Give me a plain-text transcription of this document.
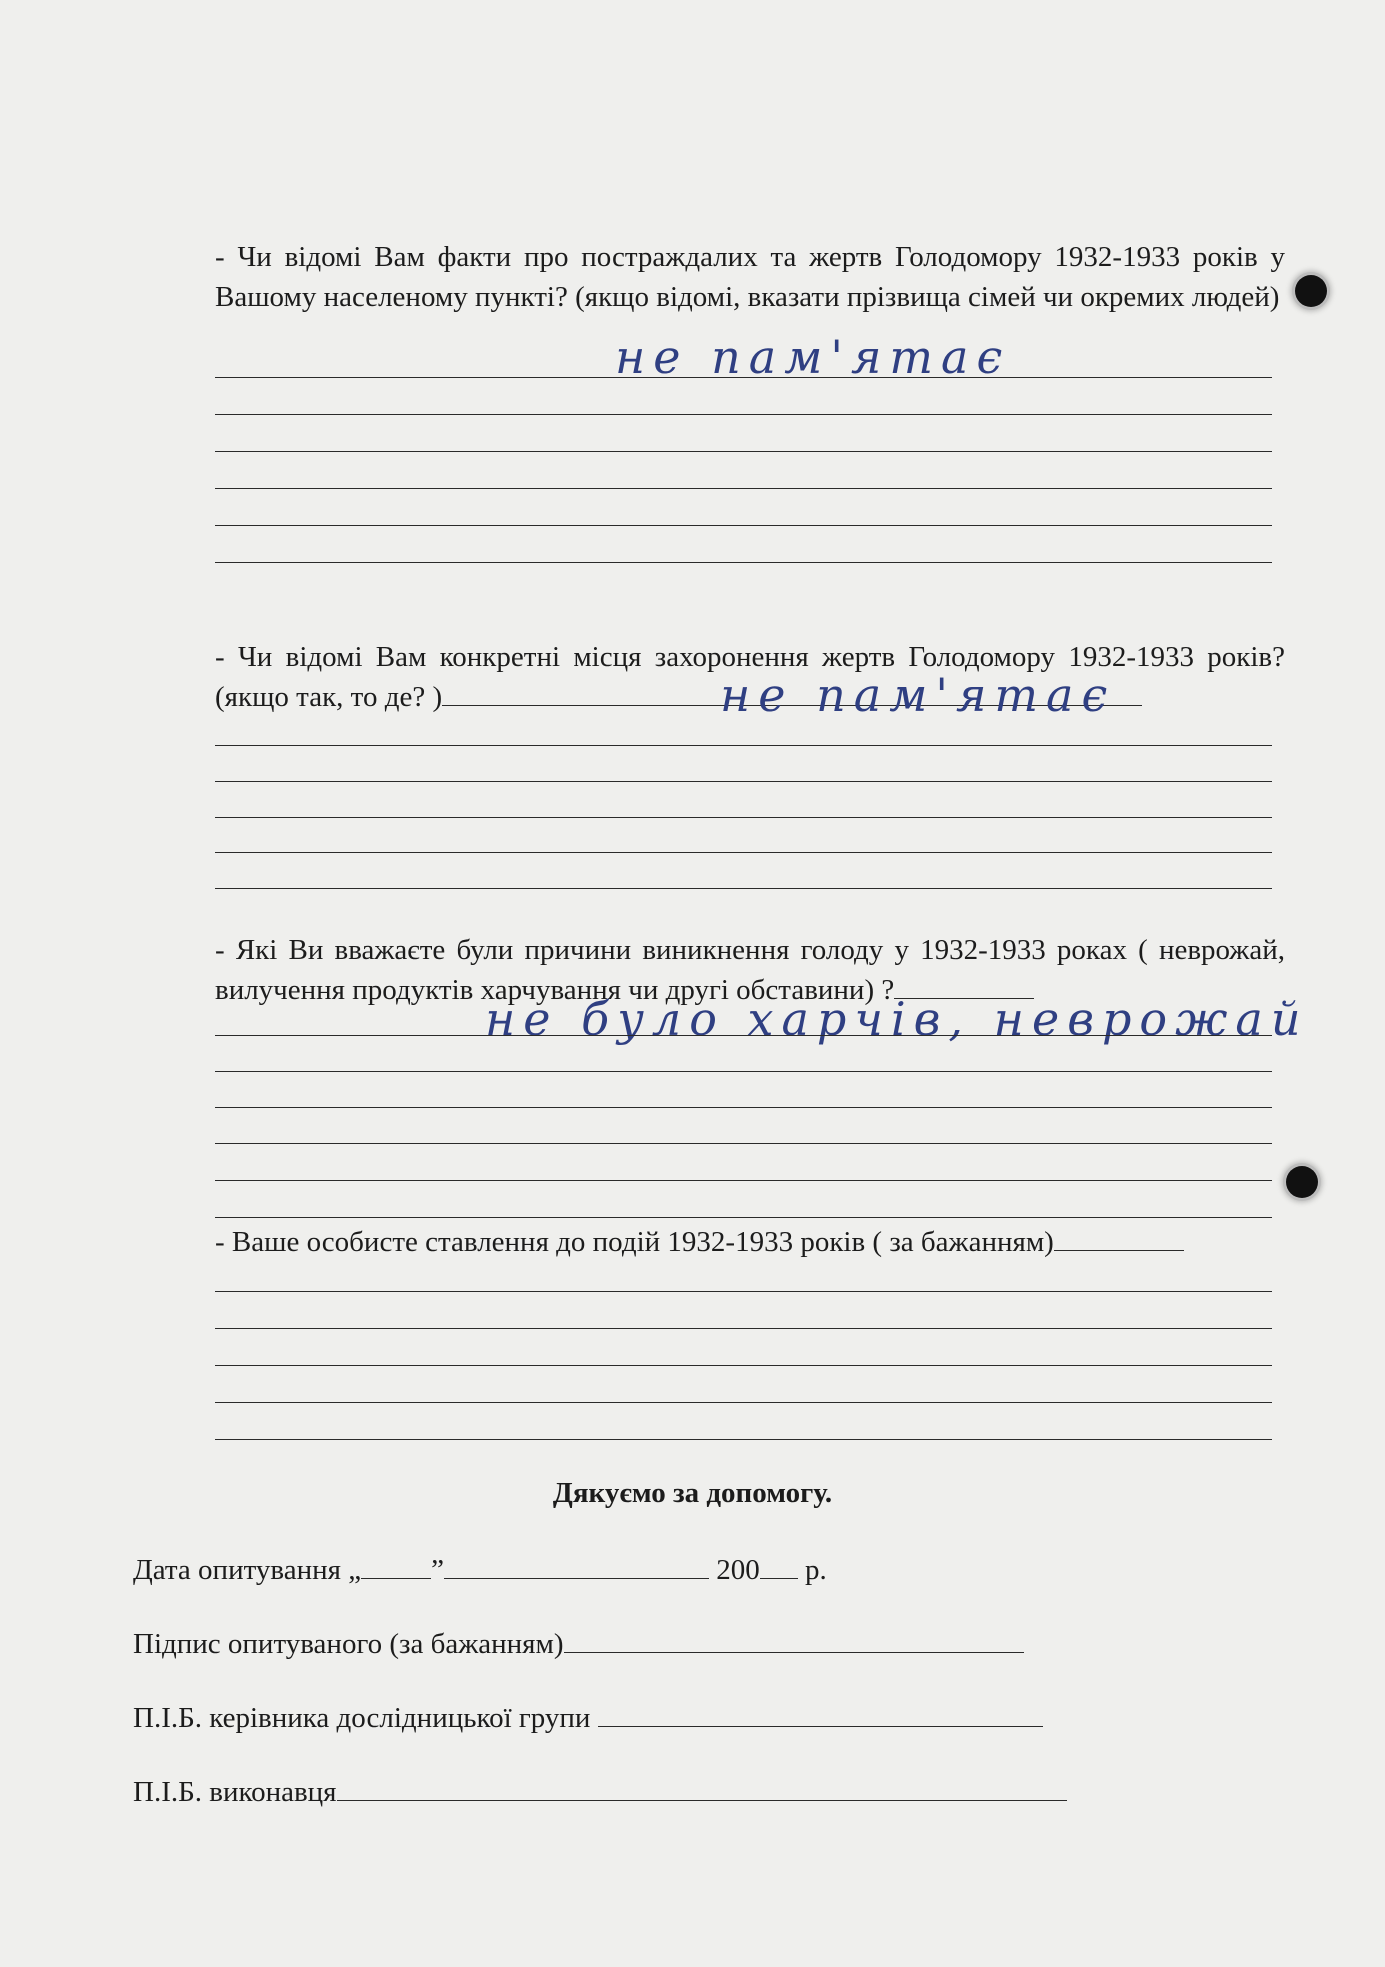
- Чи відомі Вам факти про постраждалих та жертв Голодомору 1932-1933 років у Вашому населеному пункті? (якщо відомі, вказати прізвища сімей чи окремих людей)
не пам'ятає
- Чи відомі Вам конкретні місця захоронення жертв Голодомору 1932-1933 років? (якщо так, то де? )	не пам'ятає
- Які Ви вважаєте були причини виникнення голоду у 1932-1933 роках ( неврожай, вилучення продуктів харчування чи другі обставини) ?
не було харчів, неврожай
- Ваше особисте ставлення до подій 1932-1933 років ( за бажанням)
Дякуємо за допомогу.
Дата опитування „ ”	200 р.
Підпис опитуваного (за бажанням)
П.І.Б. керівника дослідницької групи
П.І.Б. виконавця
